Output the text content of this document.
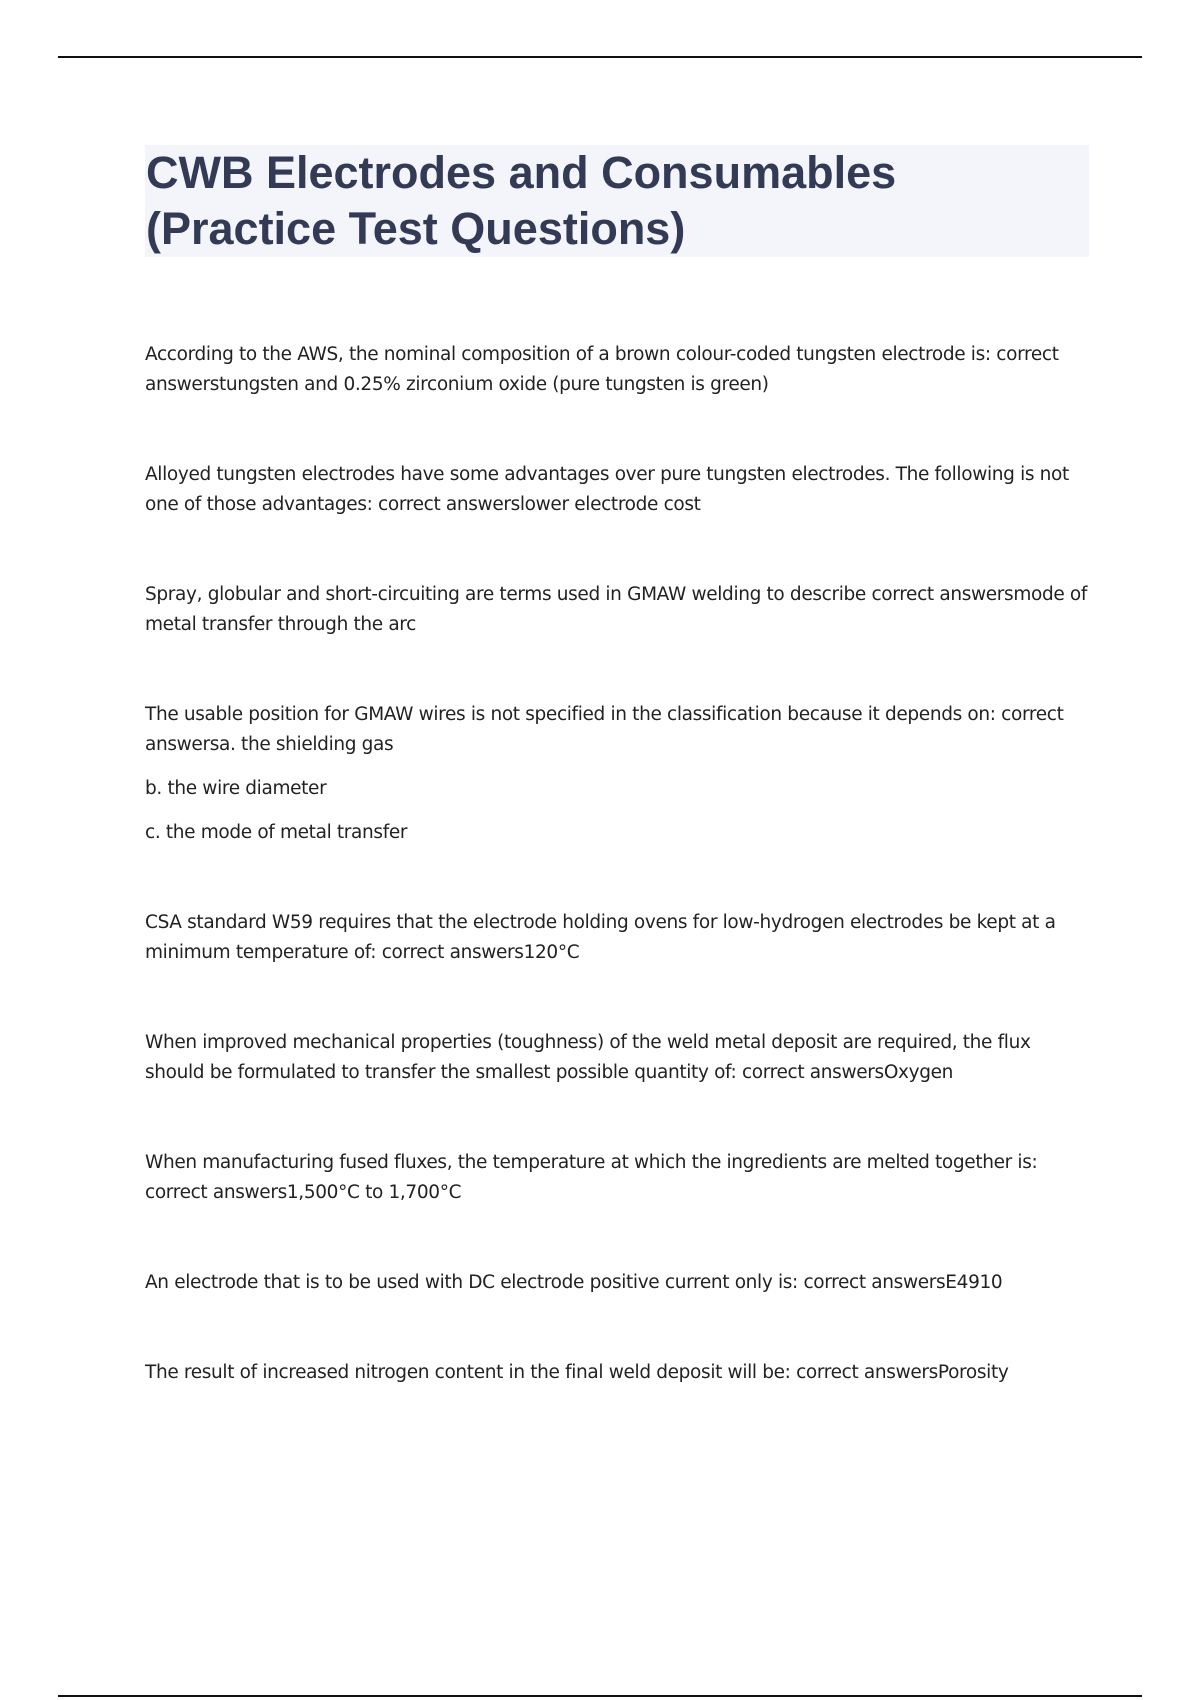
CWB Electrodes and Consumables
(Practice Test Questions)

According to the AWS, the nominal composition of a brown colour-coded tungsten electrode is: correct answerstungsten and 0.25% zirconium oxide (pure tungsten is green)

Alloyed tungsten electrodes have some advantages over pure tungsten electrodes. The following is not one of those advantages: correct answerslower electrode cost

Spray, globular and short-circuiting are terms used in GMAW welding to describe correct answersmode of metal transfer through the arc

The usable position for GMAW wires is not specified in the classification because it depends on: correct answersa. the shielding gas

b. the wire diameter

c. the mode of metal transfer

CSA standard W59 requires that the electrode holding ovens for low-hydrogen electrodes be kept at a minimum temperature of: correct answers120°C

When improved mechanical properties (toughness) of the weld metal deposit are required, the flux should be formulated to transfer the smallest possible quantity of: correct answersOxygen

When manufacturing fused fluxes, the temperature at which the ingredients are melted together is: correct answers1,500°C to 1,700°C

An electrode that is to be used with DC electrode positive current only is: correct answersE4910

The result of increased nitrogen content in the final weld deposit will be: correct answersPorosity
